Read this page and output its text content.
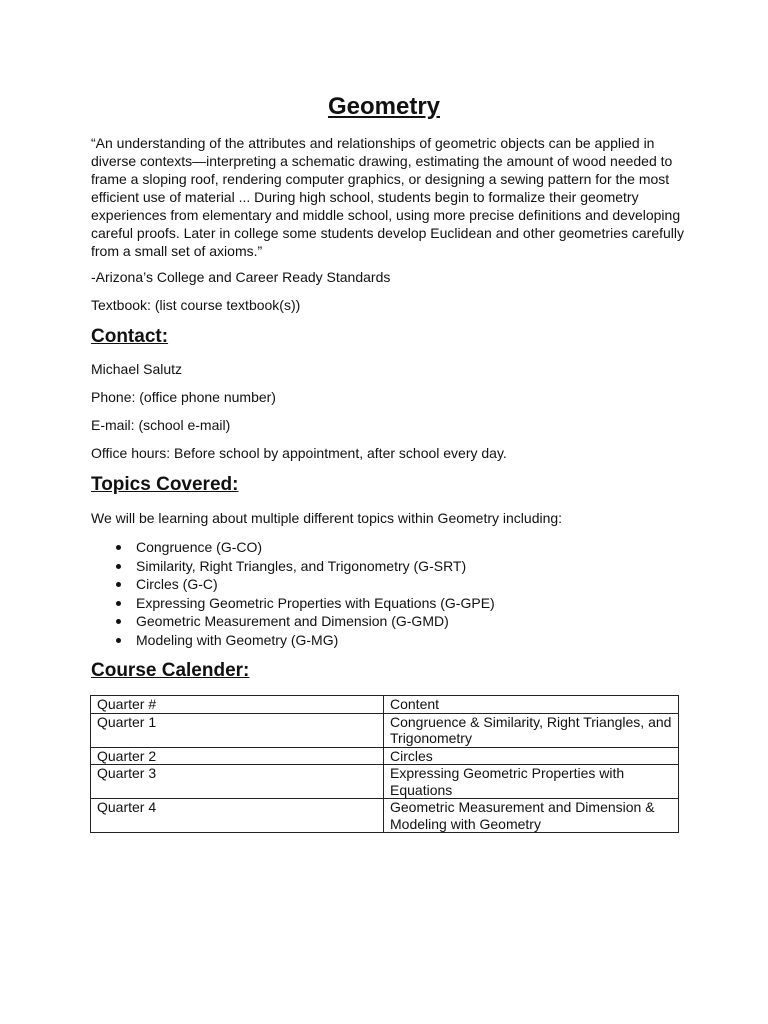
Geometry

“An understanding of the attributes and relationships of geometric objects can be applied in diverse contexts—interpreting a schematic drawing, estimating the amount of wood needed to frame a sloping roof, rendering computer graphics, or designing a sewing pattern for the most efficient use of material ... During high school, students begin to formalize their geometry experiences from elementary and middle school, using more precise definitions and developing careful proofs. Later in college some students develop Euclidean and other geometries carefully from a small set of axioms.”

-Arizona’s College and Career Ready Standards

Textbook: (list course textbook(s))

Contact:

Michael Salutz

Phone: (office phone number)

E-mail: (school e-mail)

Office hours: Before school by appointment, after school every day.

Topics Covered:

We will be learning about multiple different topics within Geometry including:

Congruence (G-CO)
Similarity, Right Triangles, and Trigonometry (G-SRT)
Circles (G-C)
Expressing Geometric Properties with Equations (G-GPE)
Geometric Measurement and Dimension (G-GMD)
Modeling with Geometry (G-MG)
Course Calender:
Quarter #	Content
Quarter 1	Congruence & Similarity, Right Triangles, and Trigonometry
Quarter 2	Circles
Quarter 3	Expressing Geometric Properties with Equations
Quarter 4	Geometric Measurement and Dimension & Modeling with Geometry
